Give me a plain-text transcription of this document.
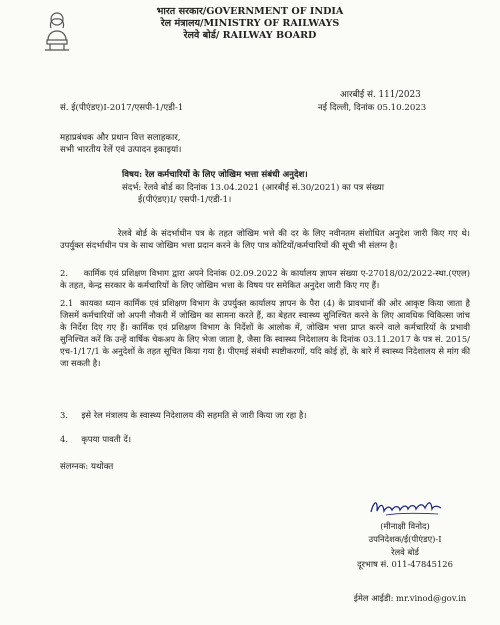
भारत सरकार/GOVERNMENT OF INDIA
रेल मंत्रालय/MINISTRY OF RAILWAYS
रेलवे बोर्ड/ RAILWAY BOARD
आरबीई सं. 111/2023
सं. ई(पीएंडए)I-2017/एसपी-1/एडी-1	नई दिल्ली, दिनांक 05.10.2023
महाप्रबंधक और प्रधान वित्त सलाहकार,
सभी भारतीय रेलें एवं उत्पादन इकाइयां।
विषय: रेल कर्मचारियों के लिए जोखिम भत्ता संबंधी अनुदेश।
संदर्भ: रेलवे बोर्ड का दिनांक 13.04.2021 (आरबीई सं.30/2021) का पत्र संख्या
ई(पीएंडए)I/ एसपी-1/एडी-1।
रेलवे बोर्ड के संदर्भाधीन पत्र के तहत जोखिम भत्ते की दर के लिए नवीनतम संशोधित अनुदेश जारी किए गए थे। उपर्युक्त संदर्भाधीन पत्र के साथ जोखिम भत्ता प्रदान करने के लिए पात्र कोटियों/कर्मचारियों की सूची भी संलग्न है।
2. कार्मिक एवं प्रशिक्षण विभाग द्वारा अपने दिनांक 02.09.2022 के कार्यालय ज्ञापन संख्या ए-27018/02/2022-स्था.(एएल) के तहत, केन्द्र सरकार के कर्मचारियों के लिए जोखिम भत्ता के विषय पर समेकित अनुदेश जारी किए गए हैं।
2.1 कायका ध्यान कार्मिक एवं प्रशिक्षण विभाग के उपर्युक्त कार्यालय ज्ञापन के पैरा (4) के प्रावधानों की ओर आकृष्ट किया जाता है जिसमें कर्मचारियों जो अपनी नौकरी में जोखिम का सामना करते हैं, का बेहतर स्वास्थ्य सुनिश्चित करने के लिए आवधिक चिकित्सा जांच के निर्देश दिए गए हैं। कार्मिक एवं प्रशिक्षण विभाग के निर्देशों के आलोक में, जोखिम भत्ता प्राप्त करने वाले कर्मचारियों के प्रभावी सुनिश्चित करें कि उन्हें वार्षिक चेकअप के लिए भेजा जाता है, जैसा कि स्वास्थ्य निदेशालय के दिनांक 03.11.2017 के पत्र सं. 2015/एच-1/17/1 के अनुदेशों के तहत सूचित किया गया है। पीएमई संबंधी स्पष्टीकरणों, यदि कोई हों, के बारे में स्वास्थ्य निदेशालय से मांग की जा सकती है।
3. इसे रेल मंत्रालय के स्वास्थ्य निदेशालय की सहमति से जारी किया जा रहा है।
4. कृपया पावती दें।
संलग्नक: यथोक्त
(मीनाक्षी विनोद)
उपनिदेशक/ई(पीएंडए)-I
रेलवे बोर्ड
दूरभाष सं. 011-47845126
ईमेल आईडी: mr.vinod@gov.in
